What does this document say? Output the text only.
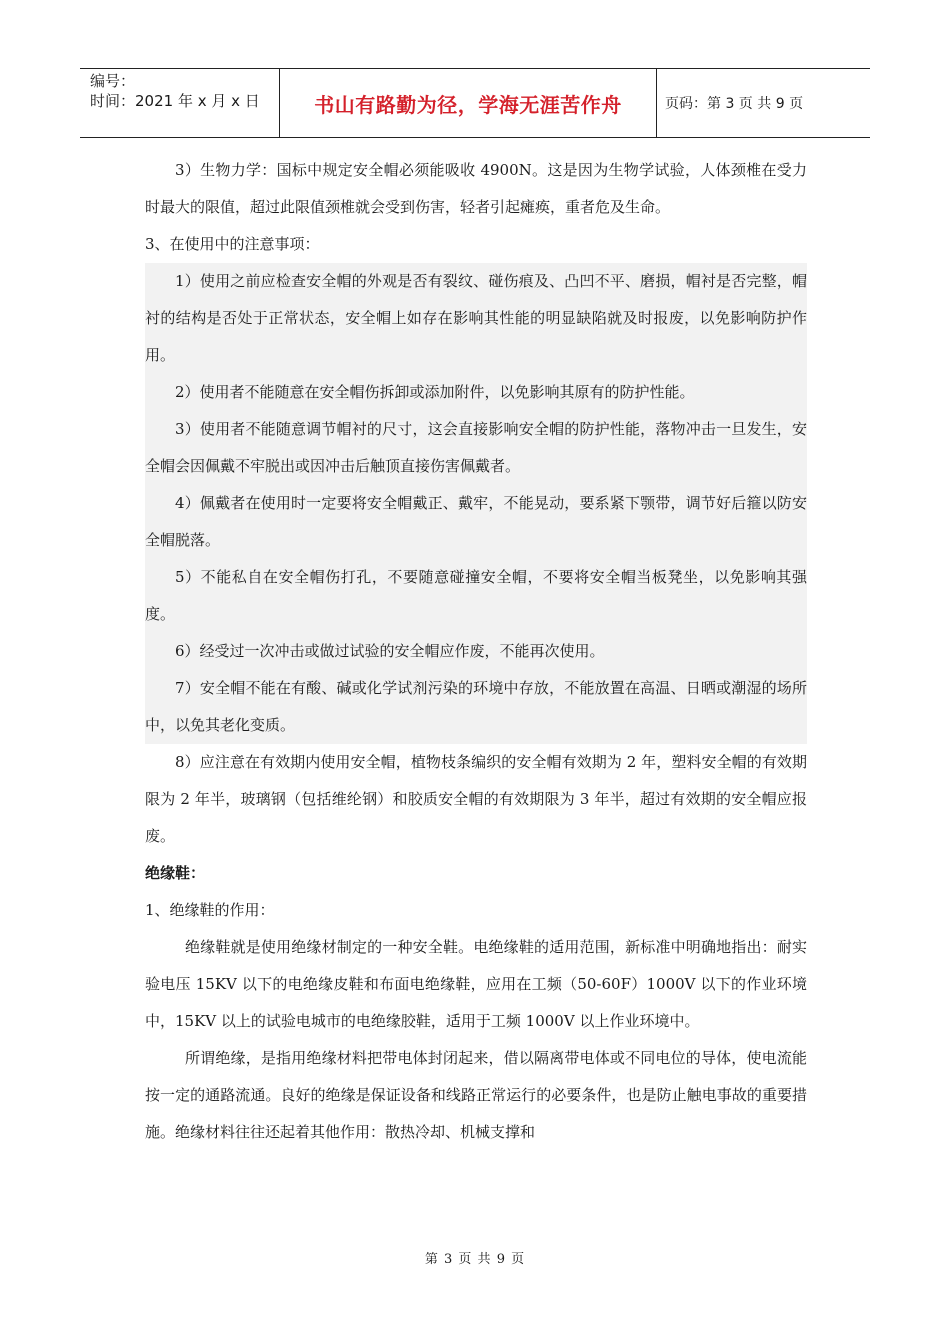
编号：
时间：2021 年 x 月 x 日	书山有路勤为径，学海无涯苦作舟	页码：第 3 页 共 9 页

3）生物力学：国标中规定安全帽必须能吸收 4900N。这是因为生物学试验，人体颈椎在受力时最大的限值，超过此限值颈椎就会受到伤害，轻者引起瘫痪，重者危及生命。

3、在使用中的注意事项：

1）使用之前应检查安全帽的外观是否有裂纹、碰伤痕及、凸凹不平、磨损，帽衬是否完整，帽衬的结构是否处于正常状态，安全帽上如存在影响其性能的明显缺陷就及时报废，以免影响防护作用。

2）使用者不能随意在安全帽伤拆卸或添加附件，以免影响其原有的防护性能。

3）使用者不能随意调节帽衬的尺寸，这会直接影响安全帽的防护性能，落物冲击一旦发生，安全帽会因佩戴不牢脱出或因冲击后触顶直接伤害佩戴者。

4）佩戴者在使用时一定要将安全帽戴正、戴牢，不能晃动，要系紧下颚带，调节好后箍以防安全帽脱落。

5）不能私自在安全帽伤打孔，不要随意碰撞安全帽，不要将安全帽当板凳坐，以免影响其强度。

6）经受过一次冲击或做过试验的安全帽应作废，不能再次使用。

7）安全帽不能在有酸、碱或化学试剂污染的环境中存放，不能放置在高温、日晒或潮湿的场所中，以免其老化变质。

8）应注意在有效期内使用安全帽，植物枝条编织的安全帽有效期为 2 年，塑料安全帽的有效期限为 2 年半，玻璃钢（包括维纶钢）和胶质安全帽的有效期限为 3 年半，超过有效期的安全帽应报废。

绝缘鞋：

1、绝缘鞋的作用：

绝缘鞋就是使用绝缘材制定的一种安全鞋。电绝缘鞋的适用范围，新标准中明确地指出：耐实验电压 15KV 以下的电绝缘皮鞋和布面电绝缘鞋，应用在工频（50-60F）1000V 以下的作业环境中，15KV 以上的试验电城市的电绝缘胶鞋，适用于工频 1000V 以上作业环境中。

所谓绝缘，是指用绝缘材料把带电体封闭起来，借以隔离带电体或不同电位的导体，使电流能按一定的通路流通。良好的绝缘是保证设备和线路正常运行的必要条件，也是防止触电事故的重要措施。绝缘材料往往还起着其他作用：散热冷却、机械支撑和

第 3 页 共 9 页
